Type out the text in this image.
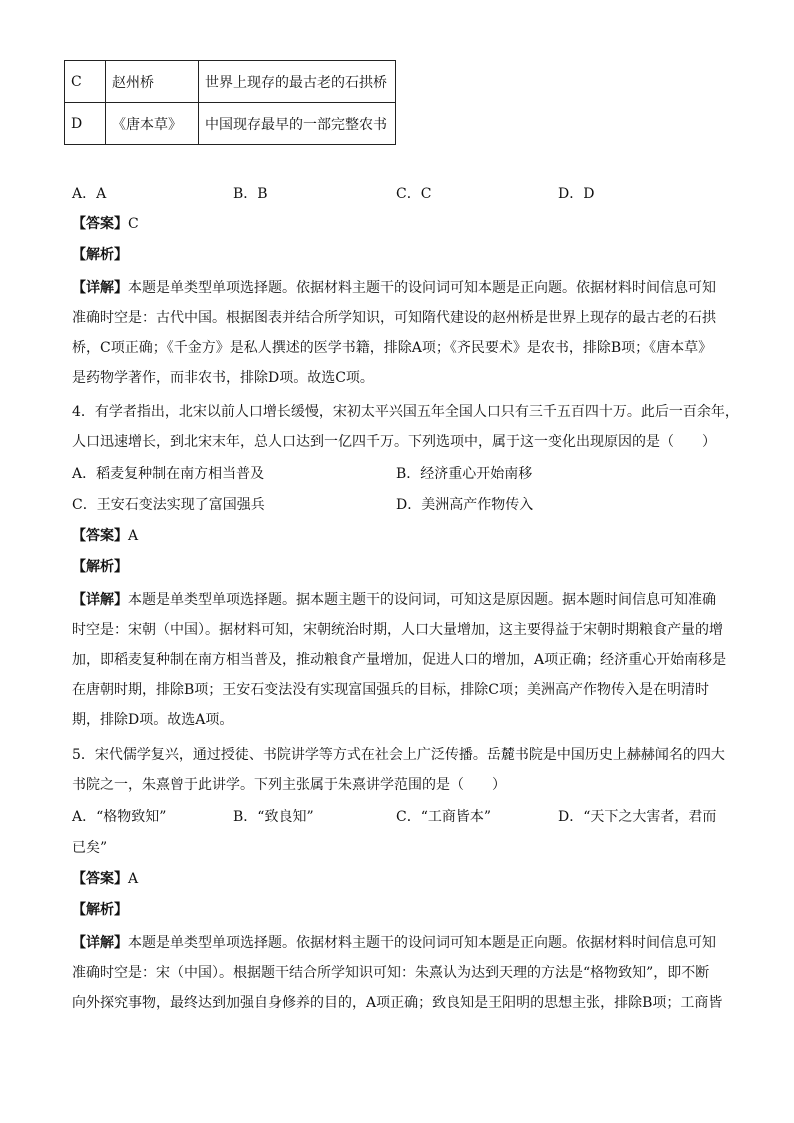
C	赵州桥	世界上现存的最古老的石拱桥
D	《唐本草》	中国现存最早的一部完整农书
A．A	B．B	C．C	D．D
【答案】C
【解析】
【详解】本题是单类型单项选择题。依据材料主题干的设问词可知本题是正向题。依据材料时间信息可知
准确时空是：古代中国。根据图表并结合所学知识，可知隋代建设的赵州桥是世界上现存的最古老的石拱
桥，C项正确；《千金方》是私人撰述的医学书籍，排除A项；《齐民要术》是农书，排除B项；《唐本草》
是药物学著作，而非农书，排除D项。故选C项。
4．有学者指出，北宋以前人口增长缓慢，宋初太平兴国五年全国人口只有三千五百四十万。此后一百余年，
人口迅速增长，到北宋末年，总人口达到一亿四千万。下列选项中，属于这一变化出现原因的是（　　）
A．稻麦复种制在南方相当普及	B．经济重心开始南移
C．王安石变法实现了富国强兵	D．美洲高产作物传入
【答案】A
【解析】
【详解】本题是单类型单项选择题。据本题主题干的设问词，可知这是原因题。据本题时间信息可知准确
时空是：宋朝（中国）。据材料可知，宋朝统治时期，人口大量增加，这主要得益于宋朝时期粮食产量的增
加，即稻麦复种制在南方相当普及，推动粮食产量增加，促进人口的增加，A项正确；经济重心开始南移是
在唐朝时期，排除B项；王安石变法没有实现富国强兵的目标，排除C项；美洲高产作物传入是在明清时
期，排除D项。故选A项。
5．宋代儒学复兴，通过授徒、书院讲学等方式在社会上广泛传播。岳麓书院是中国历史上赫赫闻名的四大
书院之一，朱熹曾于此讲学。下列主张属于朱熹讲学范围的是（　　）
A．“格物致知”	B．“致良知”	C．“工商皆本”	D．“天下之大害者，君而
已矣”
【答案】A
【解析】
【详解】本题是单类型单项选择题。依据材料主题干的设问词可知本题是正向题。依据材料时间信息可知
准确时空是：宋（中国）。根据题干结合所学知识可知：朱熹认为达到天理的方法是“格物致知”，即不断
向外探究事物，最终达到加强自身修养的目的，A项正确；致良知是王阳明的思想主张，排除B项；工商皆
